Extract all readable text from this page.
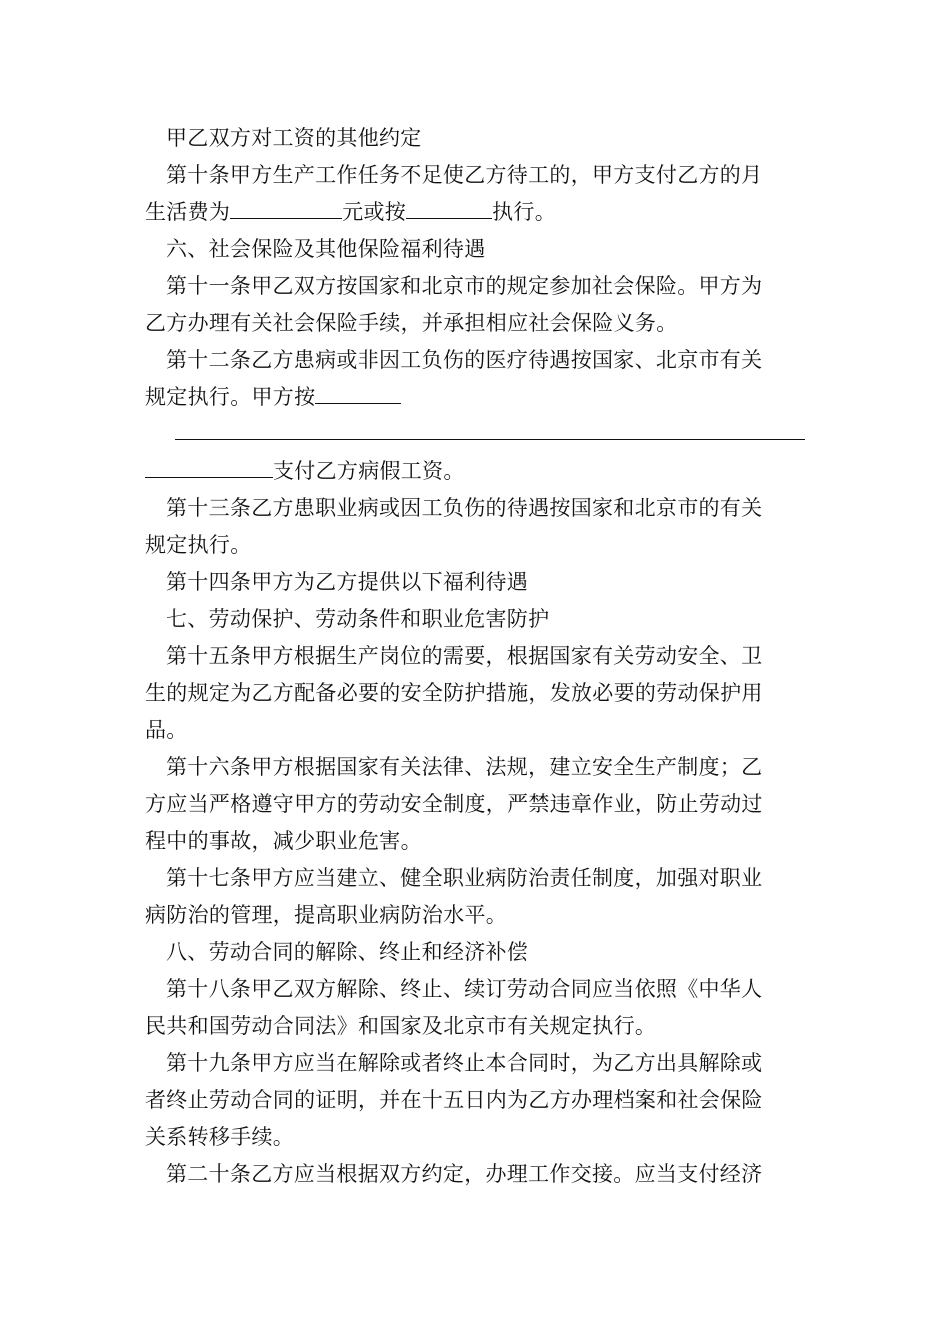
甲乙双方对工资的其他约定
第十条甲方生产工作任务不足使乙方待工的，甲方支付乙方的月
生活费为	元或按	执行。
六、社会保险及其他保险福利待遇
第十一条甲乙双方按国家和北京市的规定参加社会保险。甲方为
乙方办理有关社会保险手续，并承担相应社会保险义务。
第十二条乙方患病或非因工负伤的医疗待遇按国家、北京市有关
规定执行。甲方按
支付乙方病假工资。
第十三条乙方患职业病或因工负伤的待遇按国家和北京市的有关
规定执行。
第十四条甲方为乙方提供以下福利待遇
七、劳动保护、劳动条件和职业危害防护
第十五条甲方根据生产岗位的需要，根据国家有关劳动安全、卫
生的规定为乙方配备必要的安全防护措施，发放必要的劳动保护用
品。
第十六条甲方根据国家有关法律、法规，建立安全生产制度；乙
方应当严格遵守甲方的劳动安全制度，严禁违章作业，防止劳动过
程中的事故，减少职业危害。
第十七条甲方应当建立、健全职业病防治责任制度，加强对职业
病防治的管理，提高职业病防治水平。
八、劳动合同的解除、终止和经济补偿
第十八条甲乙双方解除、终止、续订劳动合同应当依照《中华人
民共和国劳动合同法》和国家及北京市有关规定执行。
第十九条甲方应当在解除或者终止本合同时，为乙方出具解除或
者终止劳动合同的证明，并在十五日内为乙方办理档案和社会保险
关系转移手续。
第二十条乙方应当根据双方约定，办理工作交接。应当支付经济
